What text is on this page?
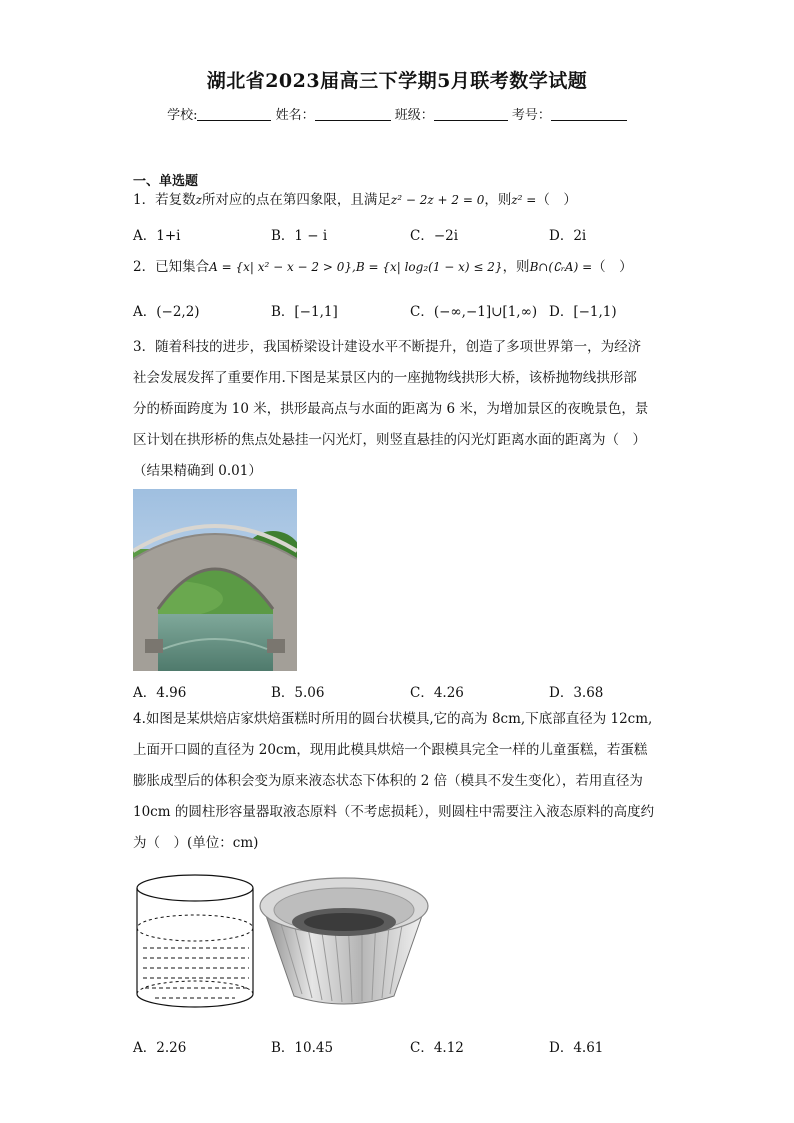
湖北省2023届高三下学期5月联考数学试题
学校:	姓名：	班级：	考号：
一、单选题
1．若复数z所对应的点在第四象限，且满足z² − 2z + 2 = 0，则z² =（　）
A．1+i	B．1 − i	C．−2i	D．2i
2．已知集合A = {x| x² − x − 2 > 0},B = {x| log₂(1 − x) ≤ 2}，则B∩(∁ᵣA) =（　）
A．(−2,2)	B．[−1,1]	C．(−∞,−1]∪[1,∞) D．[−1,1)
3．随着科技的进步，我国桥梁设计建设水平不断提升，创造了多项世界第一，为经济
社会发展发挥了重要作用.下图是某景区内的一座抛物线拱形大桥，该桥抛物线拱形部
分的桥面跨度为 10 米，拱形最高点与水面的距离为 6 米，为增加景区的夜晚景色，景
区计划在拱形桥的焦点处悬挂一闪光灯，则竖直悬挂的闪光灯距离水面的距离为（　）
（结果精确到 0.01）
A．4.96	B．5.06	C．4.26	D．3.68
4.如图是某烘焙店家烘焙蛋糕时所用的圆台状模具,它的高为 8cm,下底部直径为 12cm,
上面开口圆的直径为 20cm，现用此模具烘焙一个跟模具完全一样的儿童蛋糕，若蛋糕
膨胀成型后的体积会变为原来液态状态下体积的 2 倍（模具不发生变化），若用直径为
10cm 的圆柱形容量器取液态原料（不考虑损耗），则圆柱中需要注入液态原料的高度约
为（　）(单位：cm)
A．2.26	B．10.45	C．4.12	D．4.61
